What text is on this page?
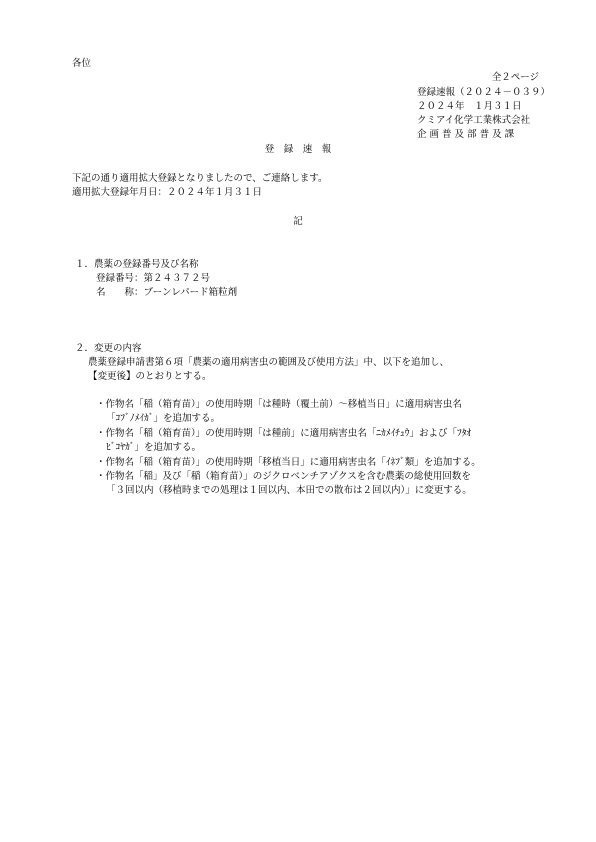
各位
全２ページ
登録速報（２０２４－０３９）
２０２４年　１月３１日
クミアイ化学工業株式会社
企 画 普 及 部 普 及 課
登　録　速　報
下記の通り適用拡大登録となりましたので、ご連絡します。
適用拡大登録年月日：２０２４年１月３１日
記
１．農薬の登録番号及び名称
登録番号：第２４３７２号
名　　称：ブーンレパード箱粒剤
２．変更の内容
農薬登録申請書第６項「農薬の適用病害虫の範囲及び使用方法」中、以下を追加し、
【変更後】のとおりとする。
・作物名「稲（箱育苗）」の使用時期「は種時（覆土前）～移植当日」に適用病害虫名
「ｺﾌﾞﾉﾒｲｶﾞ」を追加する。
・作物名「稲（箱育苗）」の使用時期「は種前」に適用病害虫名「ﾆｶﾒｲﾁｭｳ」および「ﾌﾀｵ
ﾋﾞｺﾔｶﾞ」を追加する。
・作物名「稲（箱育苗）」の使用時期「移植当日」に適用病害虫名「ｲﾈﾌﾞ類」を追加する。
・作物名「稲」及び「稲（箱育苗）」のジクロベンチアゾクスを含む農薬の総使用回数を
「３回以内（移植時までの処理は１回以内、本田での散布は２回以内）」に変更する。
